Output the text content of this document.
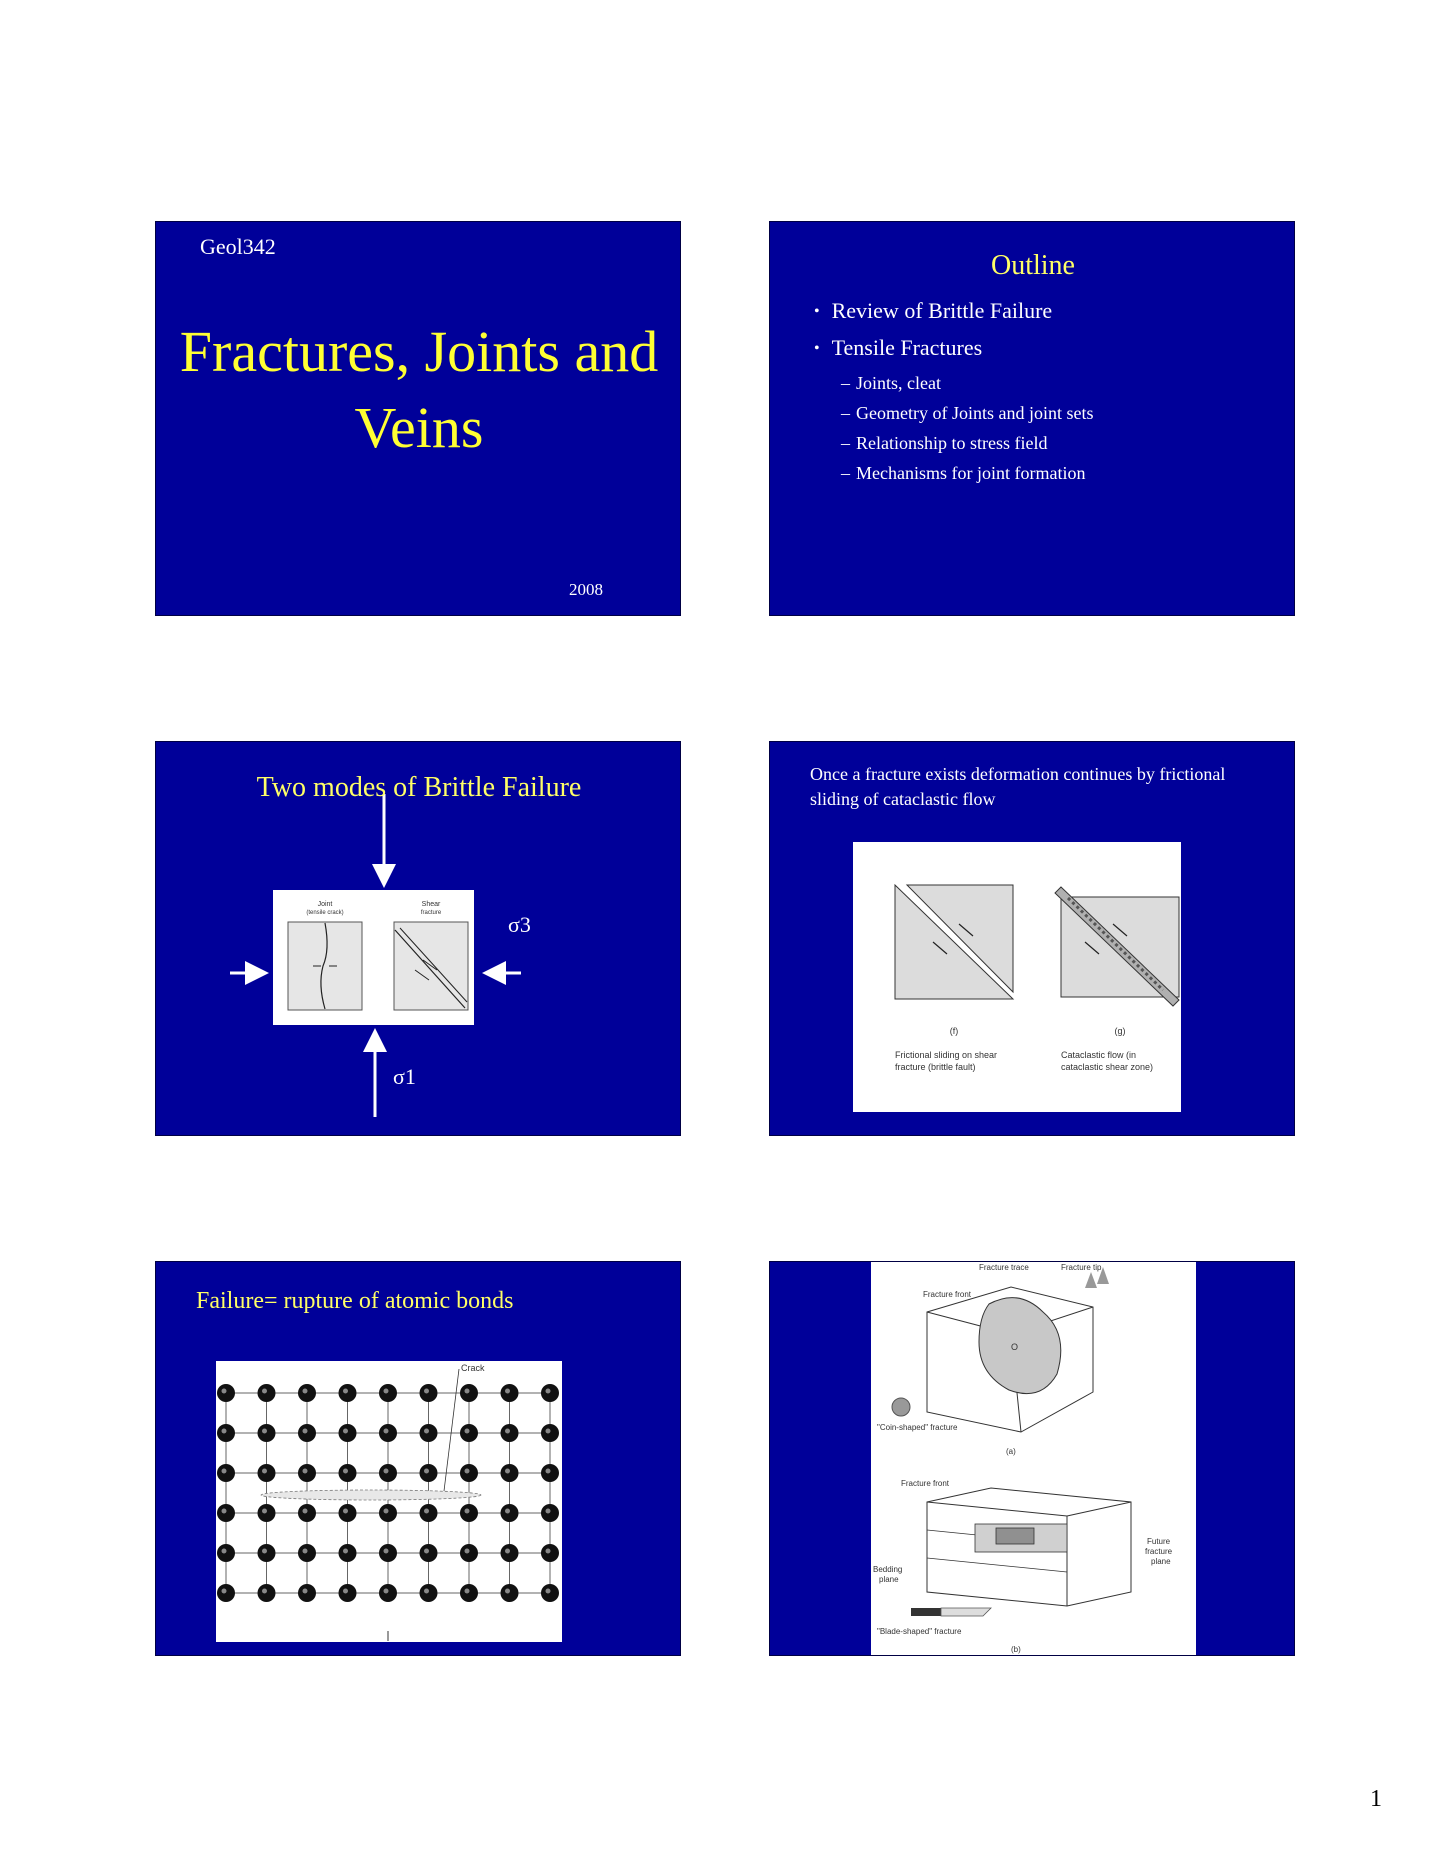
Geol342

Fractures, Joints and Veins

2008

Outline

• Review of Brittle Failure
• Tensile Fractures
– Joints, cleat
– Geometry of Joints and joint sets
– Relationship to stress field
– Mechanisms for joint formation

Two modes of Brittle Failure

Joint
(tensile crack)
Shear
fracture	σ3

σ1

Once a fracture exists deformation continues by frictional sliding of cataclastic flow

(f)	(g)
Frictional sliding on shear
fracture (brittle fault)
Cataclastic flow (in
cataclastic shear zone)

Failure= rupture of atomic bonds

Crack
Fracture trace	Fracture tip
Fracture front
O
"Coin-shaped" fracture
(a)
Fracture front
Future
fracture
plane
Bedding
plane
"Blade-shaped" fracture
(b)

1
